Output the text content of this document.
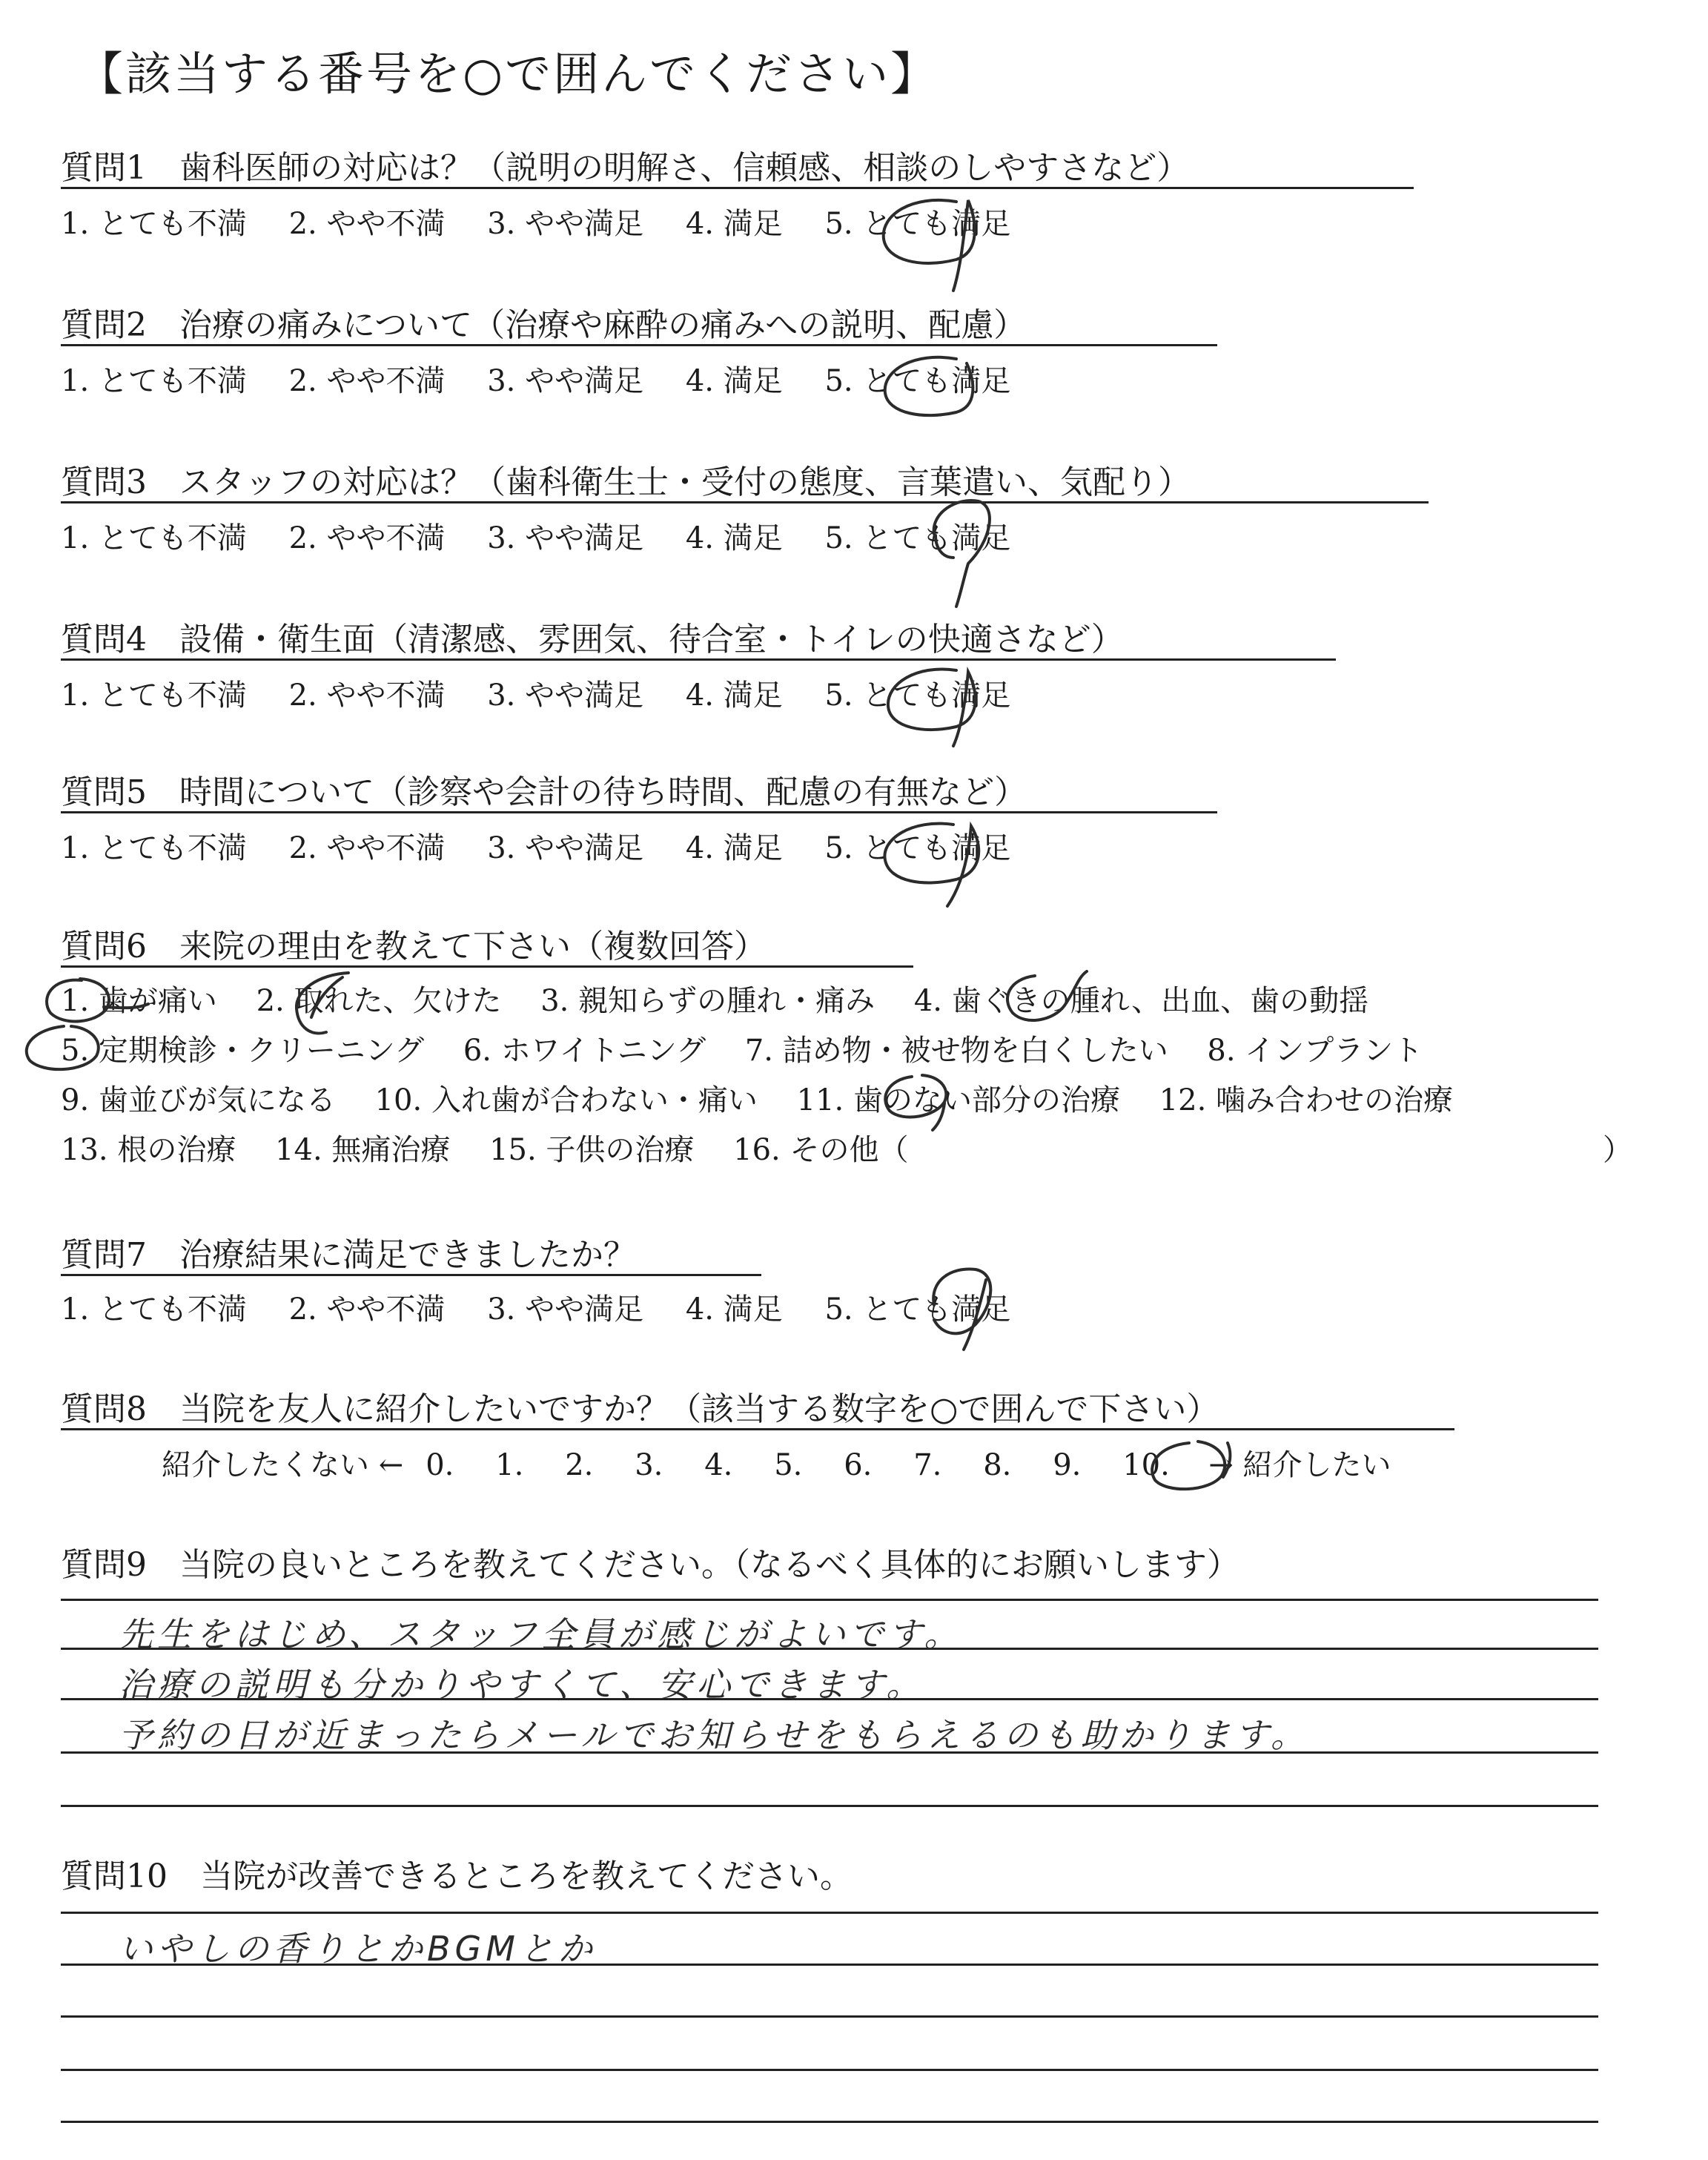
【該当する番号を○で囲んでください】
質問1　歯科医師の対応は？（説明の明解さ、信頼感、相談のしやすさなど）
1. とても不満 2. やや不満 3. やや満足 4. 満足 5. とても満足
質問2　治療の痛みについて（治療や麻酔の痛みへの説明、配慮）
1. とても不満 2. やや不満 3. やや満足 4. 満足 5. とても満足
質問3　スタッフの対応は？（歯科衛生士・受付の態度、言葉遣い、気配り）
1. とても不満 2. やや不満 3. やや満足 4. 満足 5. とても満足
質問4　設備・衛生面（清潔感、雰囲気、待合室・トイレの快適さなど）
1. とても不満 2. やや不満 3. やや満足 4. 満足 5. とても満足
質問5　時間について（診察や会計の待ち時間、配慮の有無など）
1. とても不満 2. やや不満 3. やや満足 4. 満足 5. とても満足
質問6　来院の理由を教えて下さい（複数回答）
1. 歯が痛い 2. 取れた、欠けた 3. 親知らずの腫れ・痛み 4. 歯ぐきの腫れ、出血、歯の動揺
5. 定期検診・クリーニング 6. ホワイトニング 7. 詰め物・被せ物を白くしたい 8. インプラント
9. 歯並びが気になる 10. 入れ歯が合わない・痛い 11. 歯のない部分の治療 12. 噛み合わせの治療
13. 根の治療 14. 無痛治療 15. 子供の治療 16. その他（	）
質問7　治療結果に満足できましたか？
1. とても不満 2. やや不満 3. やや満足 4. 満足 5. とても満足
質問8　当院を友人に紹介したいですか？（該当する数字を○で囲んで下さい）
紹介したくない ← 0. 1. 2. 3. 4. 5. 6. 7. 8. 9. 10. → 紹介したい
質問9　当院の良いところを教えてください。（なるべく具体的にお願いします）
先生をはじめ、スタッフ全員が感じがよいです。
治療の説明も分かりやすくて、安心できます。
予約の日が近まったらメールでお知らせをもらえるのも助かります。
質問10　当院が改善できるところを教えてください。
いやしの香りとかBGMとか
